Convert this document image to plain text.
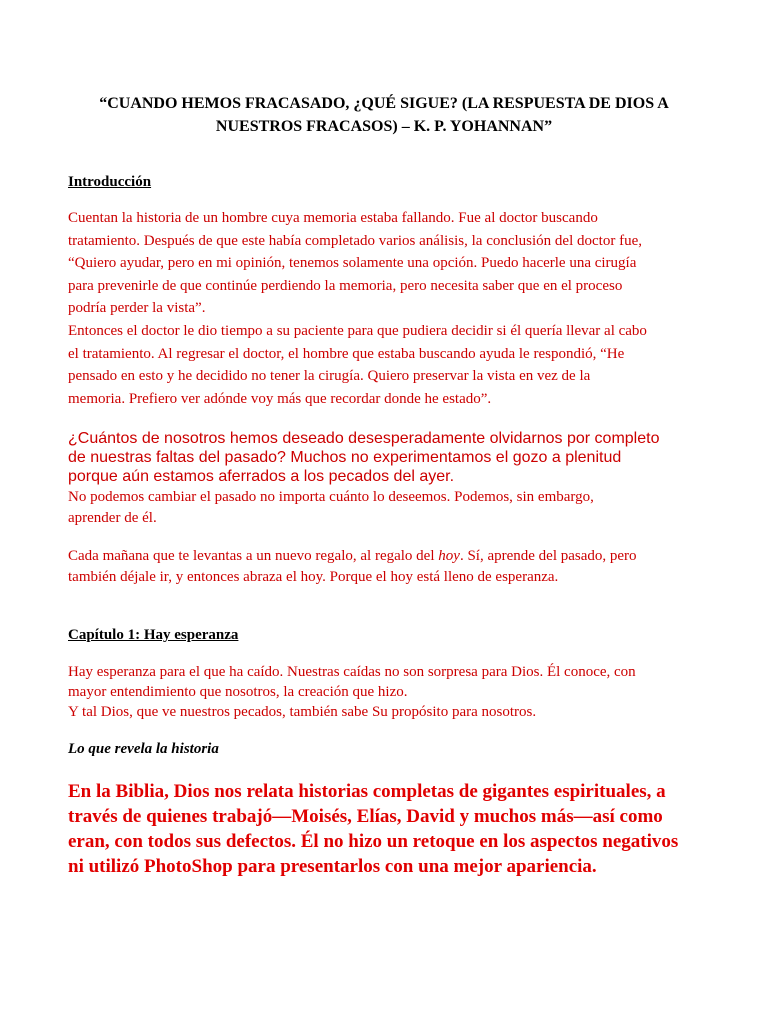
“CUANDO HEMOS FRACASADO, ¿QUÉ SIGUE? (LA RESPUESTA DE DIOS A NUESTROS FRACASOS) – K. P. YOHANNAN”
Introducción
Cuentan la historia de un hombre cuya memoria estaba fallando. Fue al doctor buscando
tratamiento. Después de que este había completado varios análisis, la conclusión del doctor fue,
“Quiero ayudar, pero en mi opinión, tenemos solamente una opción. Puedo hacerle una cirugía
para prevenirle de que continúe perdiendo la memoria, pero necesita saber que en el proceso
podría perder la vista”.
Entonces el doctor le dio tiempo a su paciente para que pudiera decidir si él quería llevar al cabo
el tratamiento. Al regresar el doctor, el hombre que estaba buscando ayuda le respondió, “He
pensado en esto y he decidido no tener la cirugía. Quiero preservar la vista en vez de la
memoria. Prefiero ver adónde voy más que recordar donde he estado”.
¿Cuántos de nosotros hemos deseado desesperadamente olvidarnos por completo
de nuestras faltas del pasado? Muchos no experimentamos el gozo a plenitud
porque aún estamos aferrados a los pecados del ayer.
No podemos cambiar el pasado no importa cuánto lo deseemos. Podemos, sin embargo,
aprender de él.
Cada mañana que te levantas a un nuevo regalo, al regalo del hoy. Sí, aprende del pasado, pero
también déjale ir, y entonces abraza el hoy. Porque el hoy está lleno de esperanza.
Capítulo 1: Hay esperanza
Hay esperanza para el que ha caído. Nuestras caídas no son sorpresa para Dios. Él conoce, con
mayor entendimiento que nosotros, la creación que hizo.
Y tal Dios, que ve nuestros pecados, también sabe Su propósito para nosotros.
Lo que revela la historia
En la Biblia, Dios nos relata historias completas de gigantes espirituales, a
través de quienes trabajó—Moisés, Elías, David y muchos más—así como
eran, con todos sus defectos. Él no hizo un retoque en los aspectos negativos
ni utilizó PhotoShop para presentarlos con una mejor apariencia.
